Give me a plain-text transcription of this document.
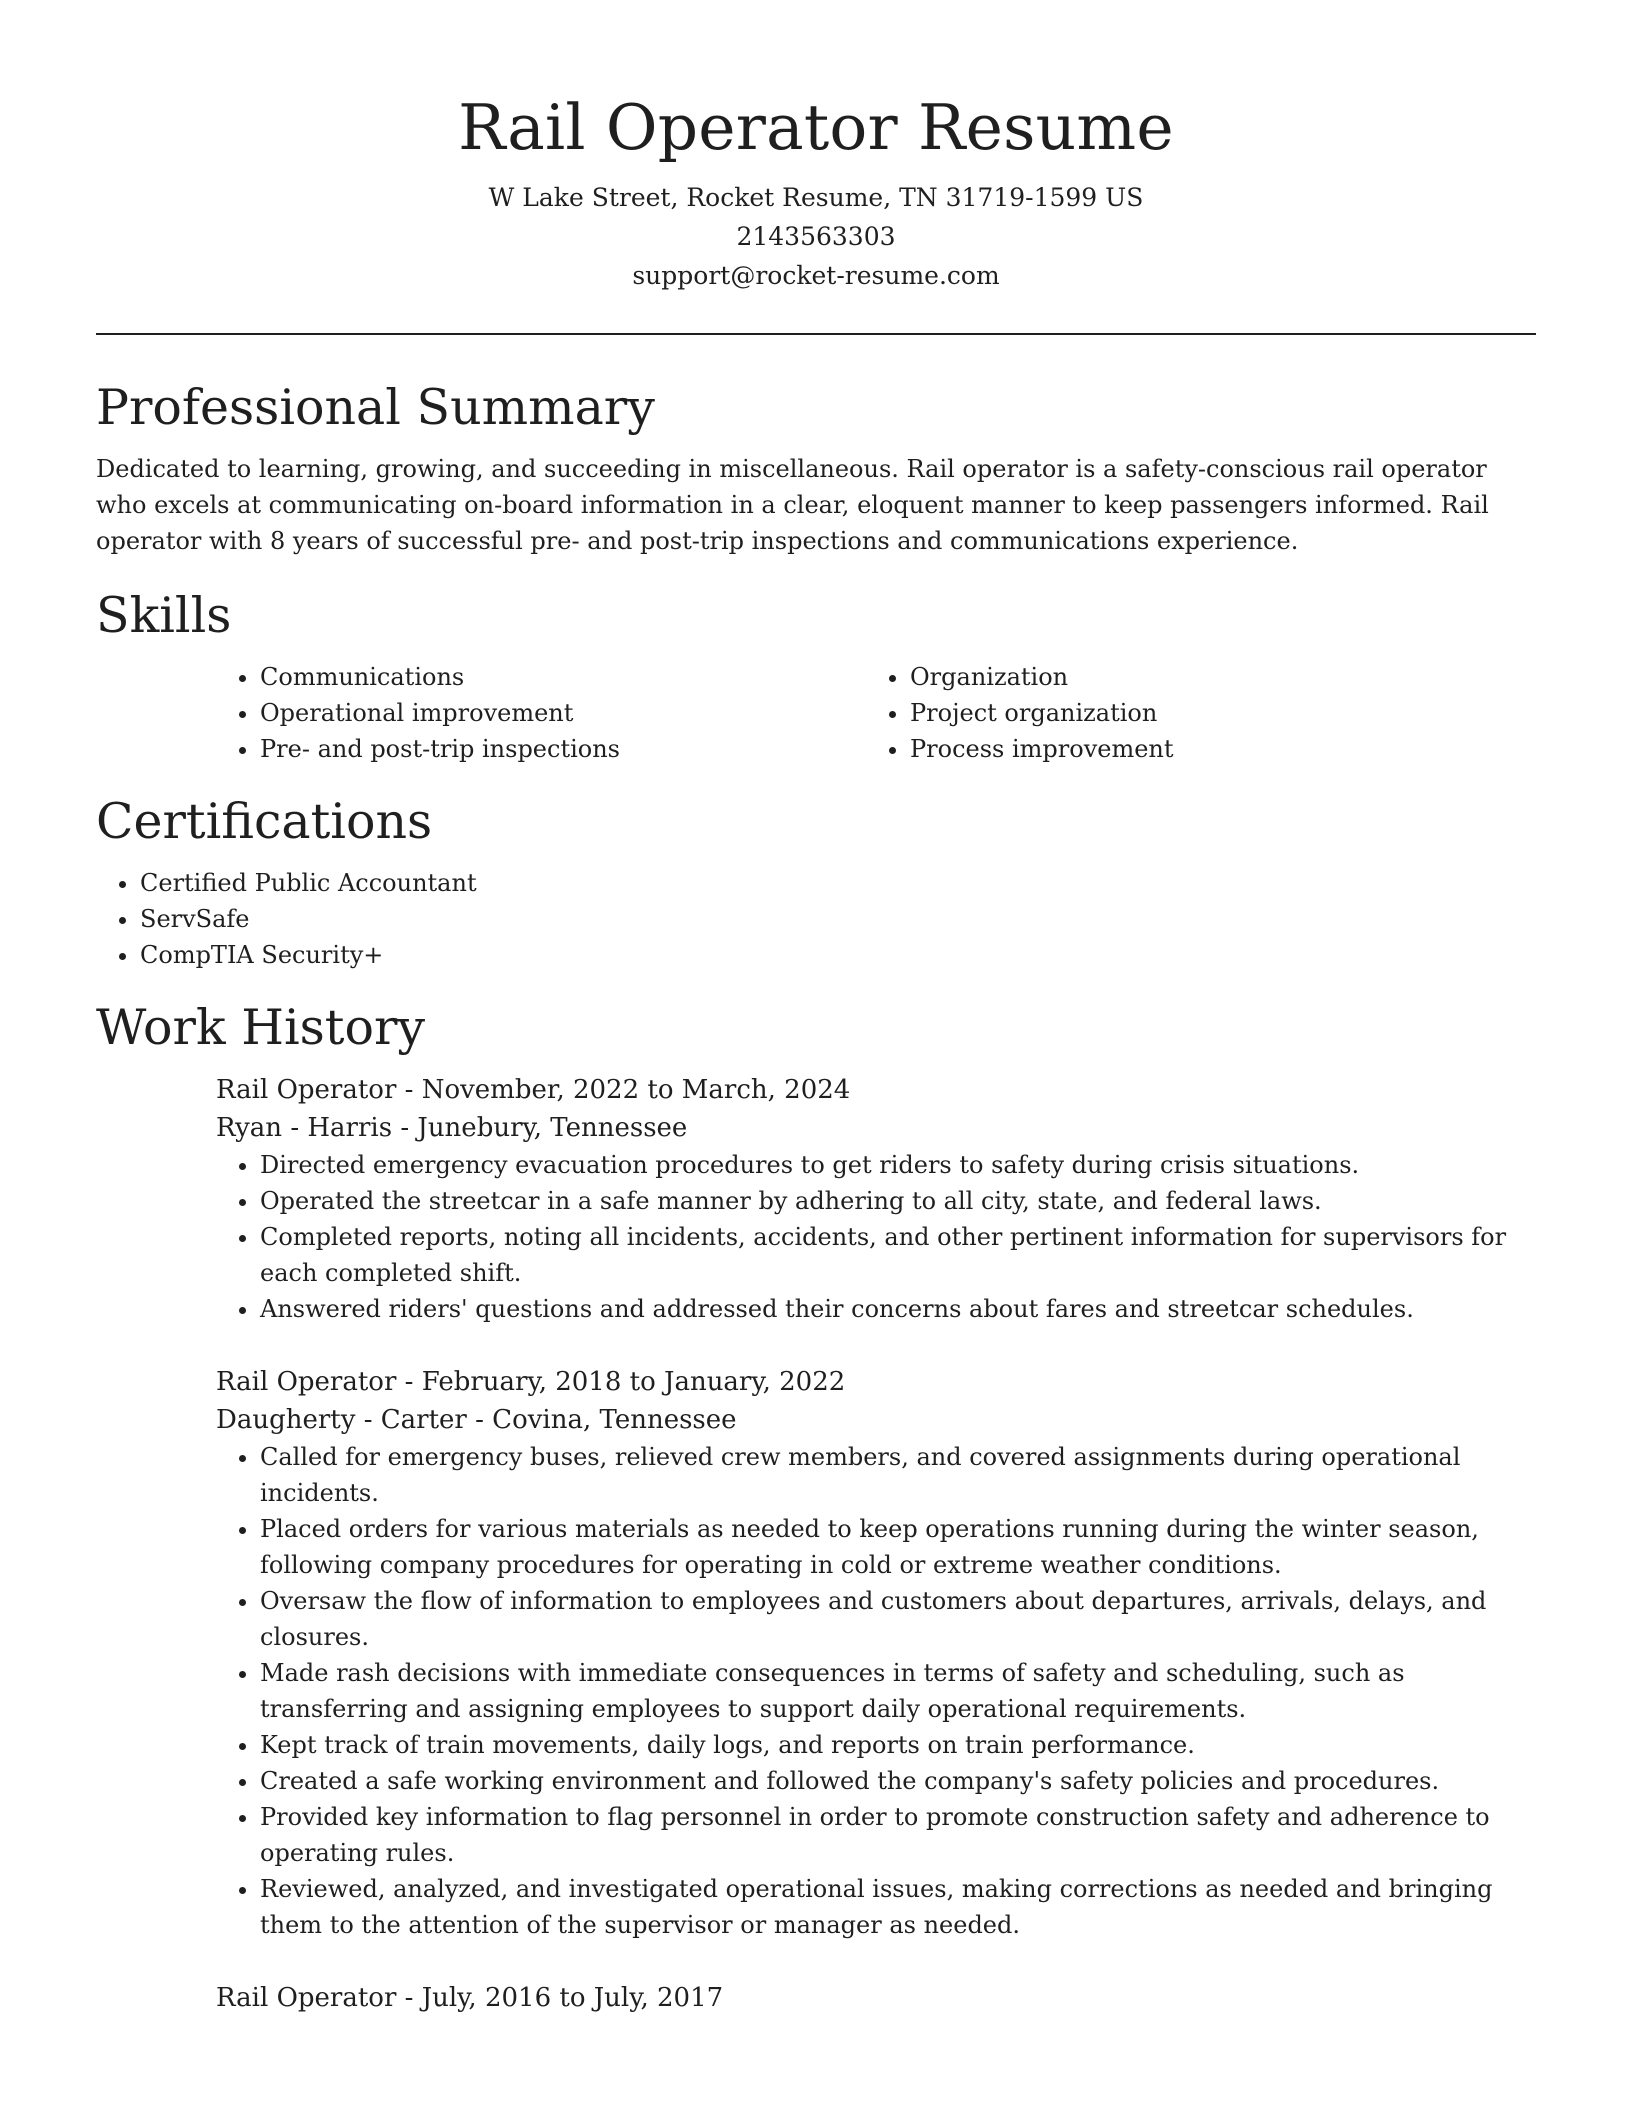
Rail Operator Resume

W Lake Street, Rocket Resume, TN 31719-1599 US

2143563303

support@rocket-resume.com

Professional Summary

Dedicated to learning, growing, and succeeding in miscellaneous. Rail operator is a safety-conscious rail operator who excels at communicating on-board information in a clear, eloquent manner to keep passengers informed. Rail operator with 8 years of successful pre- and post-trip inspections and communications experience.

Skills
• Communications
• Operational improvement
• Pre- and post-trip inspections
• Organization
• Project organization
• Process improvement
Certifications
• Certified Public Accountant
• ServSafe
• CompTIA Security+
Work History

Rail Operator - November, 2022 to March, 2024

Ryan - Harris - Junebury, Tennessee

• Directed emergency evacuation procedures to get riders to safety during crisis situations.
• Operated the streetcar in a safe manner by adhering to all city, state, and federal laws.
• Completed reports, noting all incidents, accidents, and other pertinent information for supervisors for each completed shift.
• Answered riders' questions and addressed their concerns about fares and streetcar schedules.

Rail Operator - February, 2018 to January, 2022

Daugherty - Carter - Covina, Tennessee

• Called for emergency buses, relieved crew members, and covered assignments during operational incidents.
• Placed orders for various materials as needed to keep operations running during the winter season, following company procedures for operating in cold or extreme weather conditions.
• Oversaw the flow of information to employees and customers about departures, arrivals, delays, and closures.
• Made rash decisions with immediate consequences in terms of safety and scheduling, such as transferring and assigning employees to support daily operational requirements.
• Kept track of train movements, daily logs, and reports on train performance.
• Created a safe working environment and followed the company's safety policies and procedures.
• Provided key information to flag personnel in order to promote construction safety and adherence to operating rules.
• Reviewed, analyzed, and investigated operational issues, making corrections as needed and bringing them to the attention of the supervisor or manager as needed.

Rail Operator - July, 2016 to July, 2017
